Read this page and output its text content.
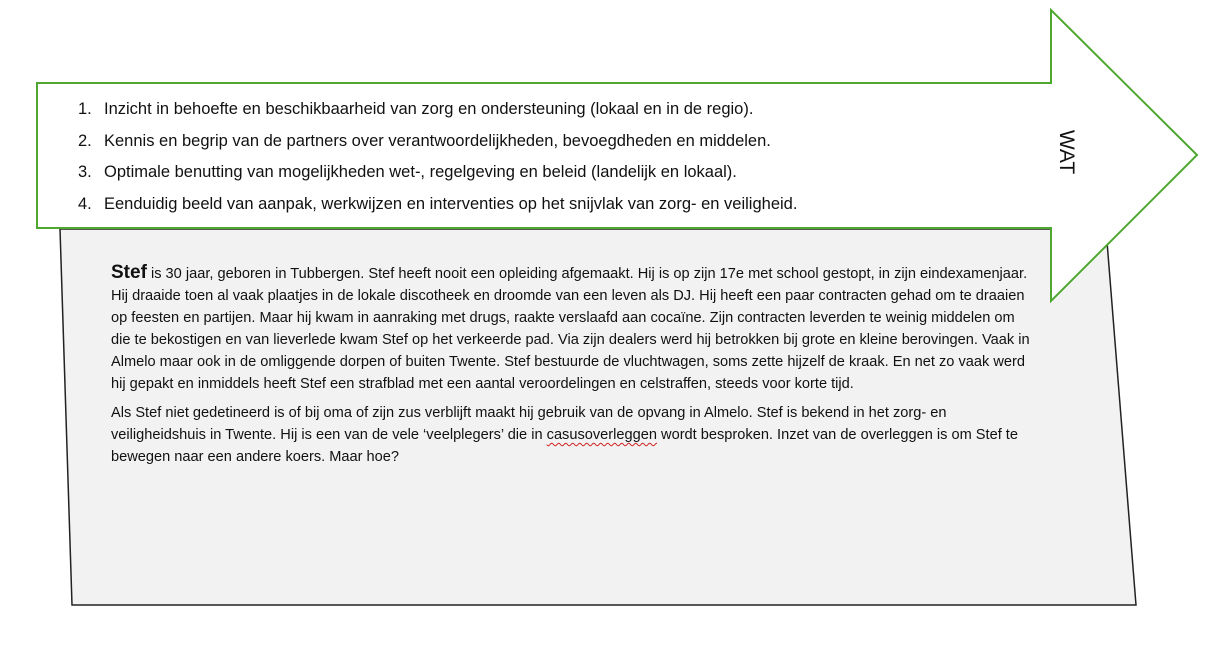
1. Inzicht in behoefte en beschikbaarheid van zorg en ondersteuning (lokaal en in de regio).
2. Kennis en begrip van de partners over verantwoordelijkheden, bevoegdheden en middelen.
3. Optimale benutting van mogelijkheden wet-, regelgeving en beleid (landelijk en lokaal).
4. Eenduidig beeld van aanpak, werkwijzen en interventies op het snijvlak van zorg- en veiligheid.
WAT

Stef is 30 jaar, geboren in Tubbergen. Stef heeft nooit een opleiding afgemaakt. Hij is op zijn 17e met school gestopt, in zijn eindexamenjaar. Hij draaide toen al vaak plaatjes in de lokale discotheek en droomde van een leven als DJ. Hij heeft een paar contracten gehad om te draaien op feesten en partijen. Maar hij kwam in aanraking met drugs, raakte verslaafd aan cocaïne. Zijn contracten leverden te weinig middelen om die te bekostigen en van lieverlede kwam Stef op het verkeerde pad. Via zijn dealers werd hij betrokken bij grote en kleine berovingen. Vaak in Almelo maar ook in de omliggende dorpen of buiten Twente. Stef bestuurde de vluchtwagen, soms zette hijzelf de kraak. En net zo vaak werd hij gepakt en inmiddels heeft Stef een strafblad met een aantal veroordelingen en celstraffen, steeds voor korte tijd.

Als Stef niet gedetineerd is of bij oma of zijn zus verblijft maakt hij gebruik van de opvang in Almelo. Stef is bekend in het zorg- en veiligheidshuis in Twente. Hij is een van de vele ‘veelplegers’ die in casusoverleggen wordt besproken. Inzet van de overleggen is om Stef te bewegen naar een andere koers. Maar hoe?
